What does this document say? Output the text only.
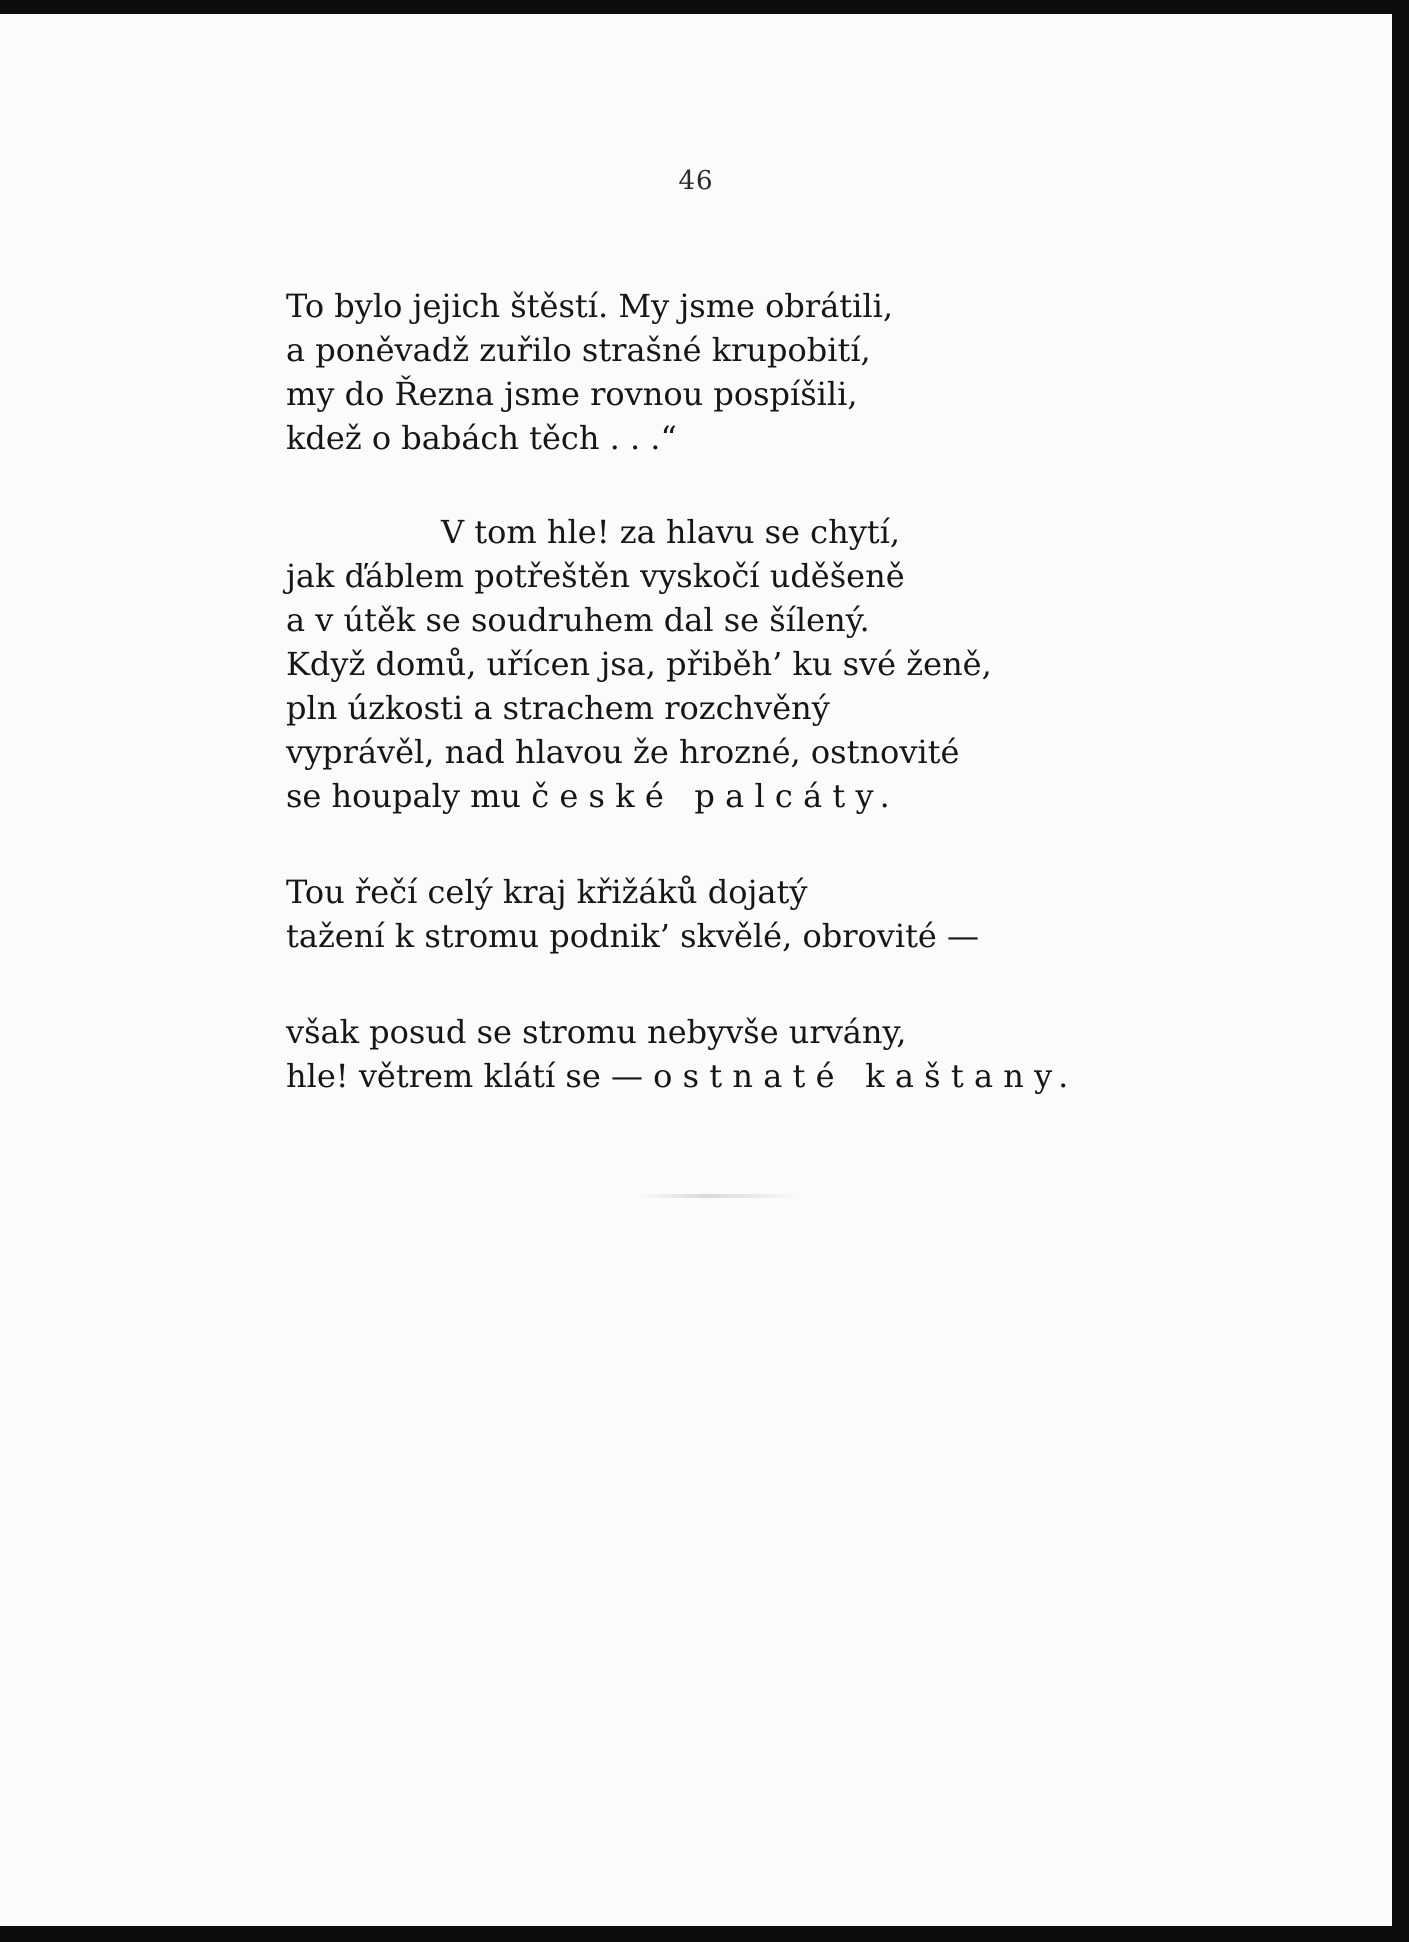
46
To bylo jejich štěstí. My jsme obrátili,
a poněvadž zuřilo strašné krupobití,
my do Řezna jsme rovnou pospíšili,
kdež o babách těch . . .“
V tom hle! za hlavu se chytí,
jak ďáblem potřeštěn vyskočí uděšeně
a v útěk se soudruhem dal se šílený.
Když domů, uřícen jsa, přiběh’ ku své ženě,
pln úzkosti a strachem rozchvěný
vyprávěl, nad hlavou že hrozné, ostnovité
se houpaly mu české palcáty.
Tou řečí celý kraj křižáků dojatý
tažení k stromu podnik’ skvělé, obrovité —
však posud se stromu nebyvše urvány,
hle! větrem klátí se — ostnaté kaštany.
